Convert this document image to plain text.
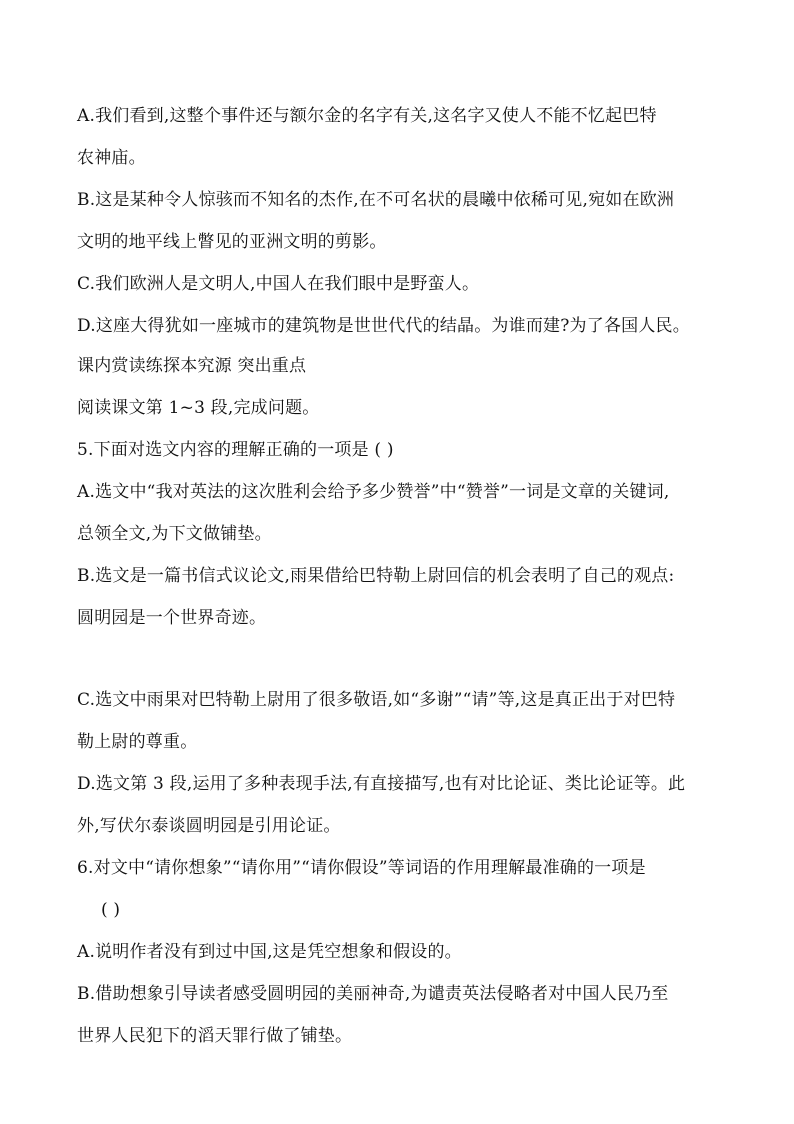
A.我们看到,这整个事件还与额尔金的名字有关,这名字又使人不能不忆起巴特
农神庙。
B.这是某种令人惊骇而不知名的杰作,在不可名状的晨曦中依稀可见,宛如在欧洲
文明的地平线上瞥见的亚洲文明的剪影。
C.我们欧洲人是文明人,中国人在我们眼中是野蛮人。
D.这座大得犹如一座城市的建筑物是世世代代的结晶。为谁而建?为了各国人民。
课内赏读练探本究源 突出重点
阅读课文第 1~3 段,完成问题。
5.下面对选文内容的理解正确的一项是 ( )
A.选文中“我对英法的这次胜利会给予多少赞誉”中“赞誉”一词是文章的关键词,
总领全文,为下文做铺垫。
B.选文是一篇书信式议论文,雨果借给巴特勒上尉回信的机会表明了自己的观点:
圆明园是一个世界奇迹。
C.选文中雨果对巴特勒上尉用了很多敬语,如“多谢”“请”等,这是真正出于对巴特
勒上尉的尊重。
D.选文第 3 段,运用了多种表现手法,有直接描写,也有对比论证、类比论证等。此
外,写伏尔泰谈圆明园是引用论证。
6.对文中“请你想象”“请你用”“请你假设”等词语的作用理解最准确的一项是
( )
A.说明作者没有到过中国,这是凭空想象和假设的。
B.借助想象引导读者感受圆明园的美丽神奇,为谴责英法侵略者对中国人民乃至
世界人民犯下的滔天罪行做了铺垫。
